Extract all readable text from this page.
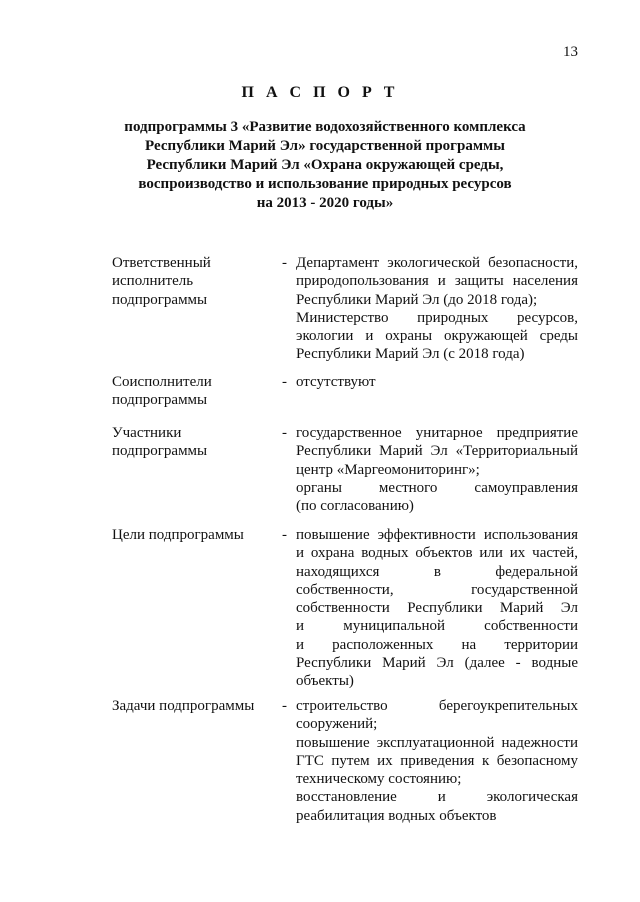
13
П А С П О Р Т
подпрограммы 3 «Развитие водохозяйственного комплекса
Республики Марий Эл» государственной программы
Республики Марий Эл «Охрана окружающей среды,
воспроизводство и использование природных ресурсов
на 2013 - 2020 годы»
Ответственный
исполнитель
подпрограммы
- Департамент экологической безопасности,
природопользования и защиты населения
Республики Марий Эл (до 2018 года);
Министерство природных ресурсов,
экологии и охраны окружающей среды
Республики Марий Эл (с 2018 года)
Соисполнители
подпрограммы
- отсутствуют
Участники
подпрограммы
- государственное унитарное предприятие
Республики Марий Эл «Территориальный
центр «Маргеомониторинг»;
органы местного самоуправления
(по согласованию)
Цели подпрограммы	- повышение эффективности использования
и охрана водных объектов или их частей,
находящихся в федеральной
собственности, государственной
собственности Республики Марий Эл
и муниципальной собственности
и расположенных на территории
Республики Марий Эл (далее - водные
объекты)
Задачи подпрограммы	- строительство берегоукрепительных
сооружений;
повышение эксплуатационной надежности
ГТС путем их приведения к безопасному
техническому состоянию;
восстановление и экологическая
реабилитация водных объектов
